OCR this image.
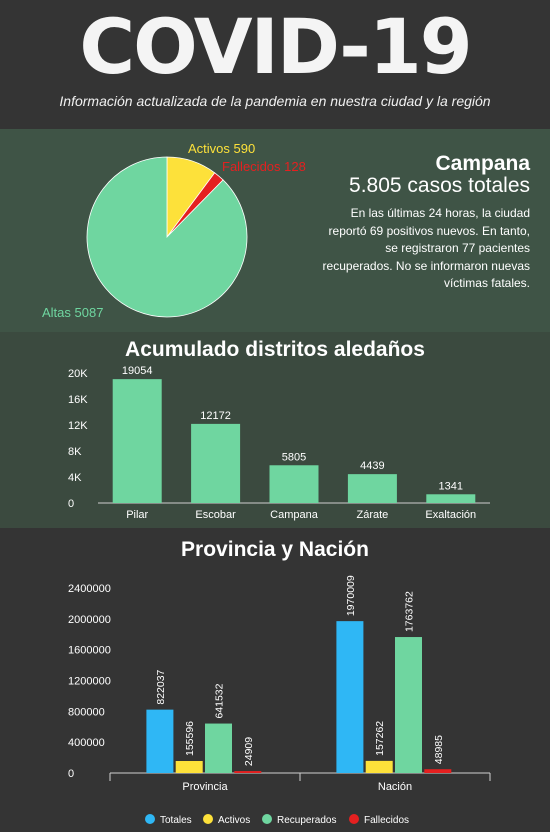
COVID-19
Información actualizada de la pandemia en nuestra ciudad y la región
Activos 590
Fallecidos 128
Altas 5087
Campana
5.805 casos totales
En las últimas 24 horas, la ciudad reportó 69 positivos nuevos. En tanto, se registraron 77 pacientes recuperados. No se informaron nuevas víctimas fatales.
Acumulado distritos aledaños
0
4K
8K
12K
16K
20K	19054
Pilar
12172
Escobar
5805
Campana
4439
Zárate
1341
Exaltación
Provincia y Nación
0
400000
800000
1200000
1600000
2000000
2400000
822037
155596
641532
24909
Provincia
1970009
157262
1763762
48985
Nación
Totales	Activos	Recuperados	Fallecidos
